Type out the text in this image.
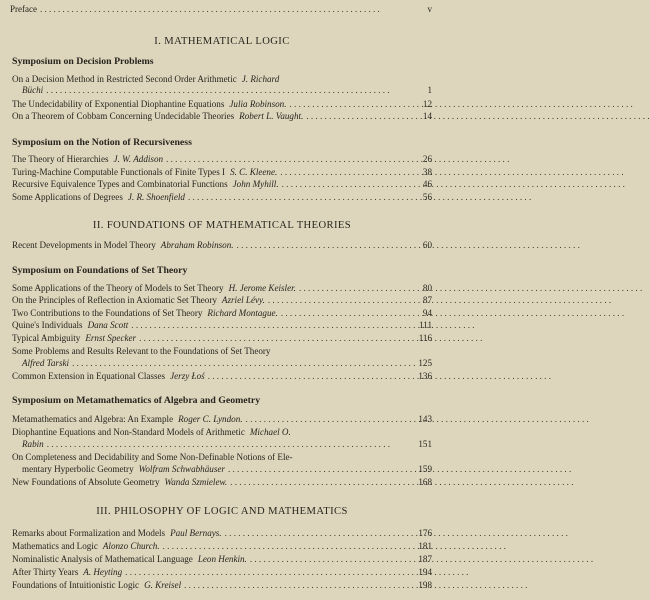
Preface . . .	v
I. MATHEMATICAL LOGIC
Symposium on Decision Problems
On a Decision Method in Restricted Second Order Arithmetic J. Richard
Büchi . . .	1
The Undecidability of Exponential Diophantine Equations Julia Robinson. . . .	12
On a Theorem of Cobbam Concerning Undecidable Theories Robert L. Vaught. . . .	14
Symposium on the Notion of Recursiveness
The Theory of Hierarchies J. W. Addison . . .	26
Turing-Machine Computable Functionals of Finite Types I S. C. Kleene. . . .	38
Recursive Equivalence Types and Combinatorial Functions John Myhill. . . .	46
Some Applications of Degrees J. R. Shoenfield . . .	56
II. FOUNDATIONS OF MATHEMATICAL THEORIES
Recent Developments in Model Theory Abraham Robinson. . . .	60
Symposium on Foundations of Set Theory
Some Applications of the Theory of Models to Set Theory H. Jerome Keisler. . . .	80
On the Principles of Reflection in Axiomatic Set Theory Azriel Lévy. . . .	87
Two Contributions to the Foundations of Set Theory Richard Montague. . . .	94
Quine's Individuals Dana Scott . . .	111
Typical Ambiguity Ernst Specker . . .	116
Some Problems and Results Relevant to the Foundations of Set Theory
Alfred Tarski . . .	125
Common Extension in Equational Classes Jerzy Łoś . . .	136
Symposium on Metamathematics of Algebra and Geometry
Metamathematics and Algebra: An Example Roger C. Lyndon. . . .	143
Diophantine Equations and Non-Standard Models of Arithmetic Michael O.
Rabin . . .	151
On Completeness and Decidability and Some Non-Definable Notions of Ele-
mentary Hyperbolic Geometry Wolfram Schwabhäuser . . .	159
New Foundations of Absolute Geometry Wanda Szmielew. . . .	168
III. PHILOSOPHY OF LOGIC AND MATHEMATICS
Remarks about Formalization and Models Paul Bernays. . . .	176
Mathematics and Logic Alonzo Church. . . .	181
Nominalistic Analysis of Mathematical Language Leon Henkin. . . .	187
After Thirty Years A. Heyting . . .	194
Foundations of Intuitionistic Logic G. Kreisel . . .	198
